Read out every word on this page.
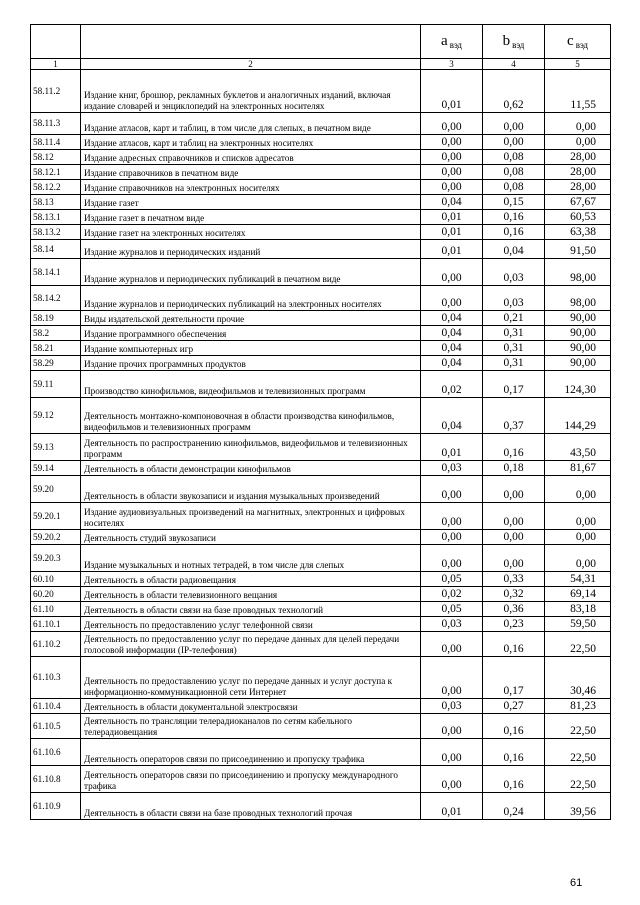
		a $_{вэд}$	b $_{вэд}$	c $_{вэд}$
1	2	3	4	5
58.11.2	Издание книг, брошюр, рекламных буклетов и аналогичных изданий, включая издание словарей и энциклопедий на электронных носителях	0,01	0,62	11,55
58.11.3	Издание атласов, карт и таблиц, в том числе для слепых, в печатном виде	0,00	0,00	0,00
58.11.4	Издание атласов, карт и таблиц на электронных носителях	0,00	0,00	0,00
58.12	Издание адресных справочников и списков адресатов	0,00	0,08	28,00
58.12.1	Издание справочников в печатном виде	0,00	0,08	28,00
58.12.2	Издание справочников на электронных носителях	0,00	0,08	28,00
58.13	Издание газет	0,04	0,15	67,67
58.13.1	Издание газет в печатном виде	0,01	0,16	60,53
58.13.2	Издание газет на электронных носителях	0,01	0,16	63,38
58.14	Издание журналов и периодических изданий	0,01	0,04	91,50
58.14.1	Издание журналов и периодических публикаций в печатном виде	0,00	0,03	98,00
58.14.2	Издание журналов и периодических публикаций на электронных носителях	0,00	0,03	98,00
58.19	Виды издательской деятельности прочие	0,04	0,21	90,00
58.2	Издание программного обеспечения	0,04	0,31	90,00
58.21	Издание компьютерных игр	0,04	0,31	90,00
58.29	Издание прочих программных продуктов	0,04	0,31	90,00
59.11	Производство кинофильмов, видеофильмов и телевизионных программ	0,02	0,17	124,30
59.12	Деятельность монтажно-компоновочная в области производства кинофильмов, видеофильмов и телевизионных программ	0,04	0,37	144,29
59.13	Деятельность по распространению кинофильмов, видеофильмов и телевизионных программ	0,01	0,16	43,50
59.14	Деятельность в области демонстрации кинофильмов	0,03	0,18	81,67
59.20	Деятельность в области звукозаписи и издания музыкальных произведений	0,00	0,00	0,00
59.20.1	Издание аудиовизуальных произведений на магнитных, электронных и цифровых носителях	0,00	0,00	0,00
59.20.2	Деятельность студий звукозаписи	0,00	0,00	0,00
59.20.3	Издание музыкальных и нотных тетрадей, в том числе для слепых	0,00	0,00	0,00
60.10	Деятельность в области радиовещания	0,05	0,33	54,31
60.20	Деятельность в области телевизионного вещания	0,02	0,32	69,14
61.10	Деятельность в области связи на базе проводных технологий	0,05	0,36	83,18
61.10.1	Деятельность по предоставлению услуг телефонной связи	0,03	0,23	59,50
61.10.2	Деятельность по предоставлению услуг по передаче данных для целей передачи голосовой информации (IP-телефония)	0,00	0,16	22,50
61.10.3	Деятельность по предоставлению услуг по передаче данных и услуг доступа к информационно-коммуникационной сети Интернет	0,00	0,17	30,46
61.10.4	Деятельность в области документальной электросвязи	0,03	0,27	81,23
61.10.5	Деятельность по трансляции телерадиоканалов по сетям кабельного телерадиовещания	0,00	0,16	22,50
61.10.6	Деятельность операторов связи по присоединению и пропуску трафика	0,00	0,16	22,50
61.10.8	Деятельность операторов связи по присоединению и пропуску международного трафика	0,00	0,16	22,50
61.10.9	Деятельность в области связи на базе проводных технологий прочая	0,01	0,24	39,56
61
